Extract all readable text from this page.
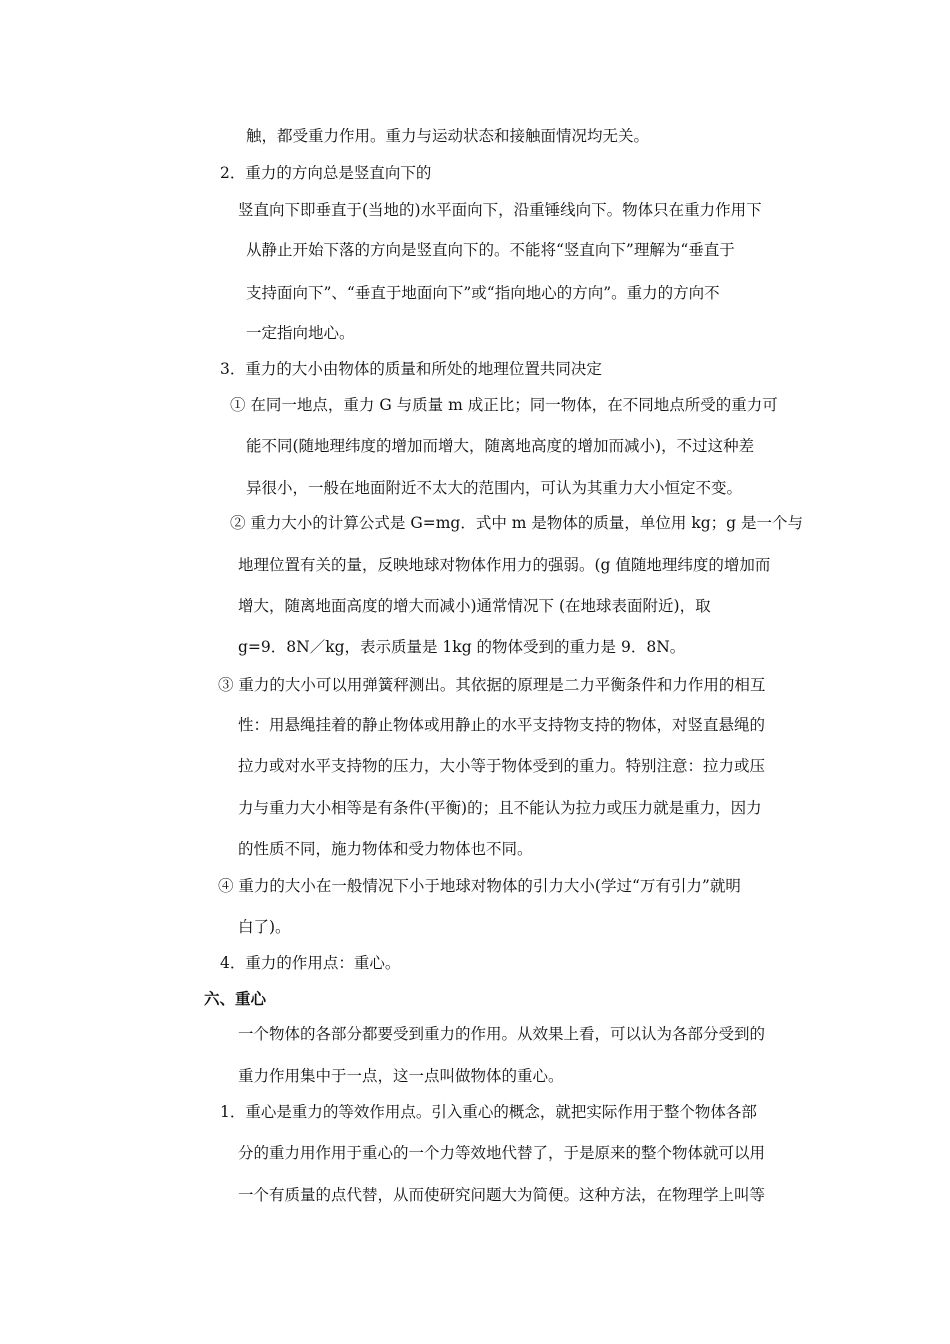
触，都受重力作用。重力与运动状态和接触面情况均无关。
2．重力的方向总是竖直向下的
竖直向下即垂直于(当地的)水平面向下，沿重锤线向下。物体只在重力作用下
从静止开始下落的方向是竖直向下的。不能将“竖直向下”理解为“垂直于
支持面向下”、“垂直于地面向下”或“指向地心的方向”。重力的方向不
一定指向地心。
3．重力的大小由物体的质量和所处的地理位置共同决定
① 在同一地点，重力 G 与质量 m 成正比；同一物体，在不同地点所受的重力可
能不同(随地理纬度的增加而增大，随离地高度的增加而减小)，不过这种差
异很小，一般在地面附近不太大的范围内，可认为其重力大小恒定不变。
② 重力大小的计算公式是 G=mg．式中 m 是物体的质量，单位用 kg；g 是一个与
地理位置有关的量，反映地球对物体作用力的强弱。(g 值随地理纬度的增加而
增大，随离地面高度的增大而减小)通常情况下 (在地球表面附近)，取
g=9．8N／kg，表示质量是 1kg 的物体受到的重力是 9．8N。
③ 重力的大小可以用弹簧秤测出。其依据的原理是二力平衡条件和力作用的相互
性：用悬绳挂着的静止物体或用静止的水平支持物支持的物体，对竖直悬绳的
拉力或对水平支持物的压力，大小等于物体受到的重力。特别注意：拉力或压
力与重力大小相等是有条件(平衡)的；且不能认为拉力或压力就是重力，因力
的性质不同，施力物体和受力物体也不同。
④ 重力的大小在一般情况下小于地球对物体的引力大小(学过“万有引力”就明
白了)。
4．重力的作用点：重心。
六、重心
一个物体的各部分都要受到重力的作用。从效果上看，可以认为各部分受到的
重力作用集中于一点，这一点叫做物体的重心。
1．重心是重力的等效作用点。引入重心的概念，就把实际作用于整个物体各部
分的重力用作用于重心的一个力等效地代替了，于是原来的整个物体就可以用
一个有质量的点代替，从而使研究问题大为简便。这种方法，在物理学上叫等
